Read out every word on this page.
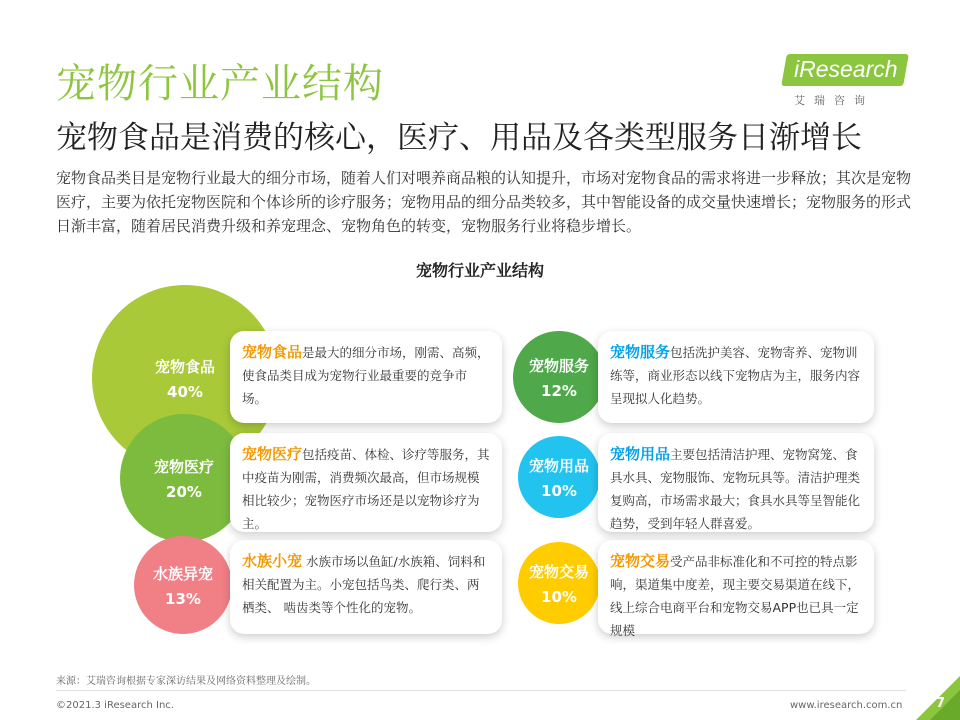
宠物行业产业结构
宠物食品是消费的核心，医疗、用品及各类型服务日渐增长
宠物食品类目是宠物行业最大的细分市场，随着人们对喂养商品粮的认知提升，市场对宠物食品的需求将进一步释放；其次是宠物医疗，主要为依托宠物医院和个体诊所的诊疗服务；宠物用品的细分品类较多，其中智能设备的成交量快速增长；宠物服务的形式日渐丰富，随着居民消费升级和养宠理念、宠物角色的转变，宠物服务行业将稳步增长。
iResearch
艾瑞咨询
宠物行业产业结构
宠物食品
40%
宠物医疗
20%
水族异宠
13%
宠物服务
12%
宠物用品
10%
宠物交易
10%
宠物食品是最大的细分市场，刚需、高频，使食品类目成为宠物行业最重要的竞争市场。
宠物医疗包括疫苗、体检、诊疗等服务，其中疫苗为刚需，消费频次最高，但市场规模相比较少；宠物医疗市场还是以宠物诊疗为主。
水族小宠 水族市场以鱼缸/水族箱、饲料和相关配置为主。小宠包括鸟类、爬行类、两栖类、 啮齿类等个性化的宠物。
宠物服务包括洗护美容、宠物寄养、宠物训练等，商业形态以线下宠物店为主，服务内容呈现拟人化趋势。
宠物用品主要包括清洁护理、宠物窝笼、食具水具、宠物服饰、宠物玩具等。清洁护理类复购高，市场需求最大；食具水具等呈智能化趋势，受到年轻人群喜爱。
宠物交易受产品非标准化和不可控的特点影响，渠道集中度差，现主要交易渠道在线下，线上综合电商平台和宠物交易APP也已具一定规模
来源：艾瑞咨询根据专家深访结果及网络资料整理及绘制。
©2021.3 iResearch Inc.	www.iresearch.com.cn	7
